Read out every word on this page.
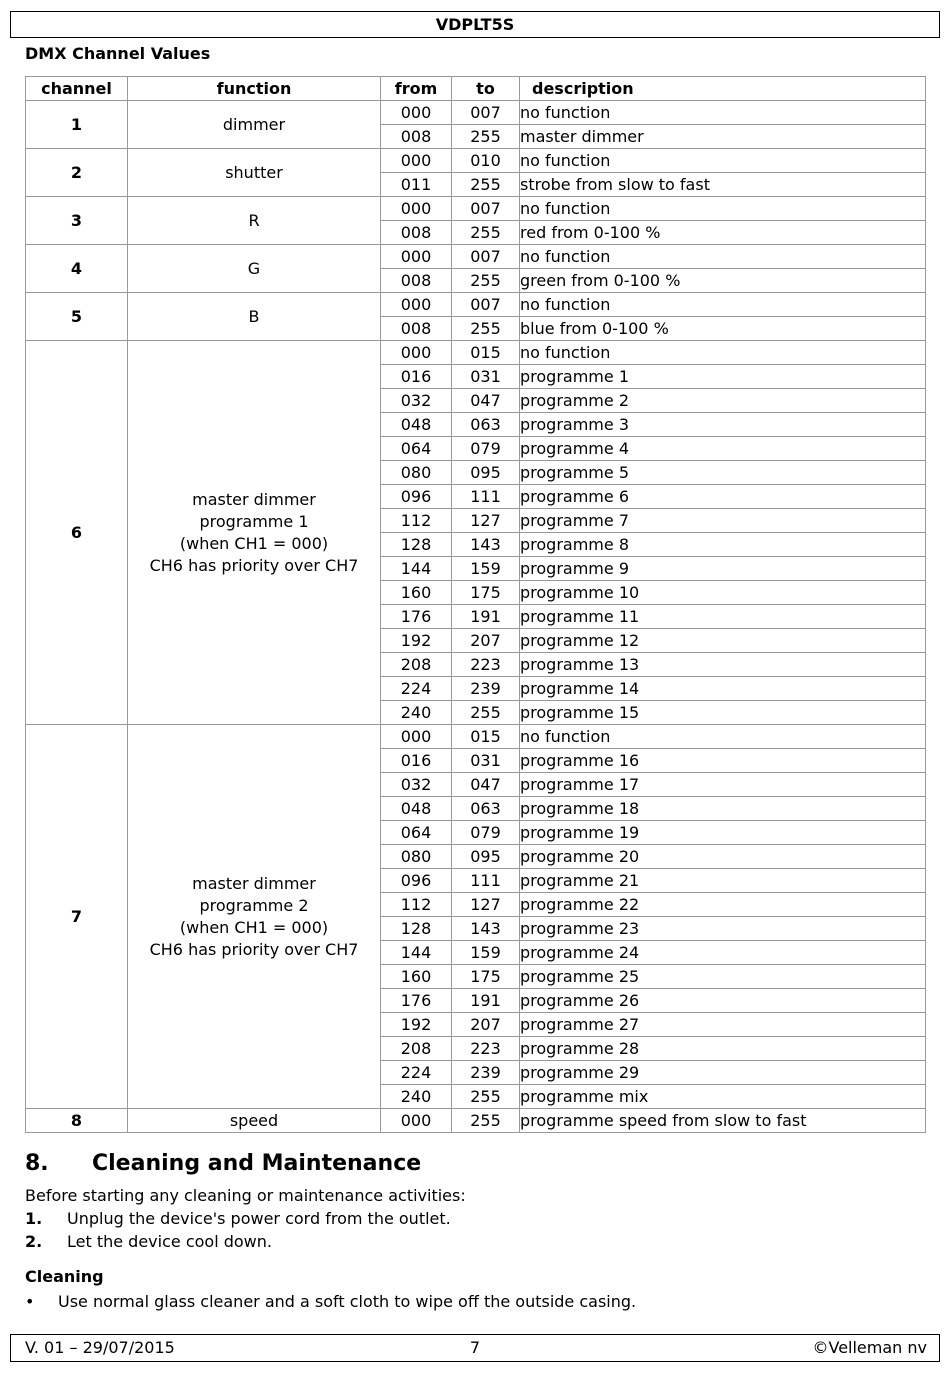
VDPLT5S
DMX Channel Values
channel	function	from	to	description
1	dimmer	000	007	no function
		008	255	master dimmer
2	shutter	000	010	no function
		011	255	strobe from slow to fast
3	R	000	007	no function
		008	255	red from 0-100 %
4	G	000	007	no function
		008	255	green from 0-100 %
5	B	000	007	no function
		008	255	blue from 0-100 %
6	master dimmer
programme 1
(when CH1 = 000)
CH6 has priority over CH7	000	015	no function
		016	031	programme 1
		032	047	programme 2
		048	063	programme 3
		064	079	programme 4
		080	095	programme 5
		096	111	programme 6
		112	127	programme 7
		128	143	programme 8
		144	159	programme 9
		160	175	programme 10
		176	191	programme 11
		192	207	programme 12
		208	223	programme 13
		224	239	programme 14
		240	255	programme 15
7	master dimmer
programme 2
(when CH1 = 000)
CH6 has priority over CH7	000	015	no function
		016	031	programme 16
		032	047	programme 17
		048	063	programme 18
		064	079	programme 19
		080	095	programme 20
		096	111	programme 21
		112	127	programme 22
		128	143	programme 23
		144	159	programme 24
		160	175	programme 25
		176	191	programme 26
		192	207	programme 27
		208	223	programme 28
		224	239	programme 29
		240	255	programme mix
8	speed	000	255	programme speed from slow to fast
8. Cleaning and Maintenance
Before starting any cleaning or maintenance activities:
1. Unplug the device's power cord from the outlet.
2. Let the device cool down.
Cleaning
• Use normal glass cleaner and a soft cloth to wipe off the outside casing.
V. 01 – 29/07/2015	7	©Velleman nv
